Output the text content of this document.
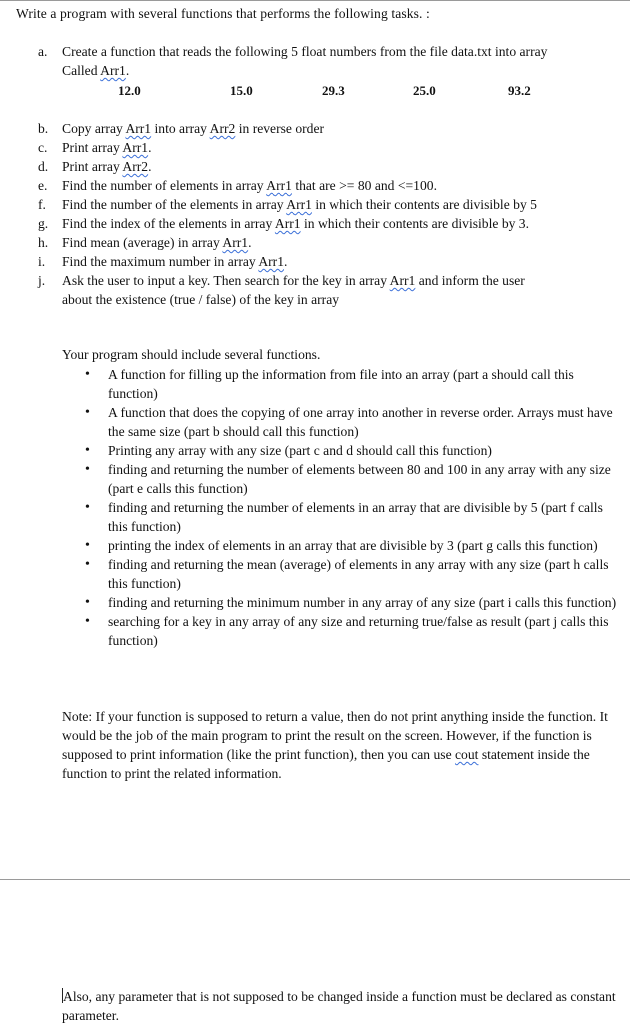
Write a program with several functions that performs the following tasks. :
a. Create a function that reads the following 5 float numbers from the file data.txt into array
Called Arr1.
12.0	15.0	29.3	25.0	93.2
b. Copy array Arr1 into array Arr2 in reverse order
c. Print array Arr1.
d. Print array Arr2.
e. Find the number of elements in array Arr1 that are >= 80 and <=100.
f. Find the number of the elements in array Arr1 in which their contents are divisible by 5
g. Find the index of the elements in array Arr1 in which their contents are divisible by 3.
h. Find mean (average) in array Arr1.
i. Find the maximum number in array Arr1.
j. Ask the user to input a key. Then search for the key in array Arr1 and inform the user
about the existence (true / false) of the key in array
Your program should include several functions.
• A function for filling up the information from file into an array (part a should call this function)
• A function that does the copying of one array into another in reverse order. Arrays must have the same size (part b should call this function)
• Printing any array with any size (part c and d should call this function)
• finding and returning the number of elements between 80 and 100 in any array with any size (part e calls this function)
• finding and returning the number of elements in an array that are divisible by 5 (part f calls this function)
• printing the index of elements in an array that are divisible by 3 (part g calls this function)
• finding and returning the mean (average) of elements in any array with any size (part h calls this function)
• finding and returning the minimum number in any array of any size (part i calls this function)
• searching for a key in any array of any size and returning true/false as result (part j calls this function)
Note: If your function is supposed to return a value, then do not print anything inside the function. It would be the job of the main program to print the result on the screen. However, if the function is supposed to print information (like the print function), then you can use cout statement inside the function to print the related information.
Also, any parameter that is not supposed to be changed inside a function must be declared as constant parameter.
